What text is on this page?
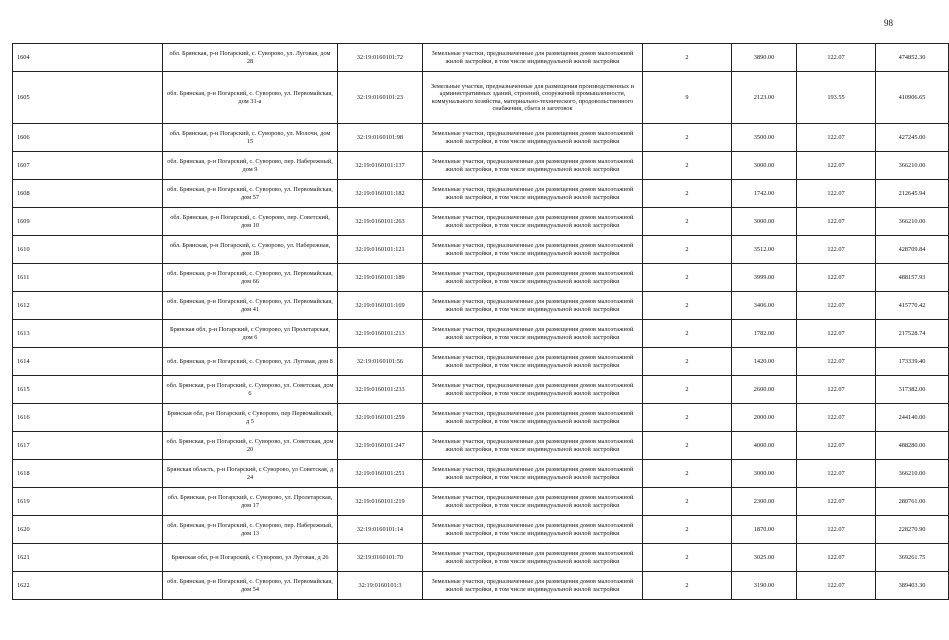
98
1604	обл. Брянская, р-н Погарский, с. Суворово, ул. Луговая, дом 28	32:19:0160101:72	Земельные участки, предназначенные для размещения домов малоэтажной жилой застройки, в том числе индивидуальной жилой застройки	2	3890.00	122.07	474852.30
1605	обл. Брянская, р-н Погарский, с. Суворово, ул. Первомайская, дом 31-а	32:19:0160101:23	Земельные участки, предназначенные для размещения производственных и административных зданий, строений, сооружений промышленности, коммунального хозяйства, материально-технического, продовольственного снабжения, сбыта и заготовок	9	2123.00	193.55	410906.65
1606	обл. Брянская, р-н Погарский, с. Суворово, ул. Молочи, дом 15	32:19:0160101:98	Земельные участки, предназначенные для размещения домов малоэтажной жилой застройки, в том числе индивидуальной жилой застройки	2	3500.00	122.07	427245.00
1607	обл. Брянская, р-н Погарский, с. Суворово, пер. Набережный, дом 9	32:19:0160101:137	Земельные участки, предназначенные для размещения домов малоэтажной жилой застройки, в том числе индивидуальной жилой застройки	2	3000.00	122.07	366210.00
1608	обл. Брянская, р-н Погарский, с. Суворово, ул. Первомайская, дом 57	32:19:0160101:182	Земельные участки, предназначенные для размещения домов малоэтажной жилой застройки, в том числе индивидуальной жилой застройки	2	1742.00	122.07	212645.94
1609	обл. Брянская, р-н Погарский, с. Суворово, пер. Советский, дом 10	32:19:0160101:263	Земельные участки, предназначенные для размещения домов малоэтажной жилой застройки, в том числе индивидуальной жилой застройки	2	3000.00	122.07	366210.00
1610	обл. Брянская, р-н Погарский, с. Суворово, ул. Набережная, дом 18	32:19:0160101:121	Земельные участки, предназначенные для размещения домов малоэтажной жилой застройки, в том числе индивидуальной жилой застройки	2	3512.00	122.07	428709.84
1611	обл. Брянская, р-н Погарский, с. Суворово, ул. Первомайская, дом 66	32:19:0160101:189	Земельные участки, предназначенные для размещения домов малоэтажной жилой застройки, в том числе индивидуальной жилой застройки	2	3999.00	122.07	488157.93
1612	обл. Брянская, р-н Погарский, с. Суворово, ул. Первомайская, дом 41	32:19:0160101:169	Земельные участки, предназначенные для размещения домов малоэтажной жилой застройки, в том числе индивидуальной жилой застройки	2	3406.00	122.07	415770.42
1613	Брянская обл, р-н Погарский, с Суворово, ул Пролетарская, дом 6	32:19:0160101:213	Земельные участки, предназначенные для размещения домов малоэтажной жилой застройки, в том числе индивидуальной жилой застройки	2	1782.00	122.07	217528.74
1614	обл. Брянская, р-н Погарский, с. Суворово, ул. Луговая, дом 8	32:19:0160101:56	Земельные участки, предназначенные для размещения домов малоэтажной жилой застройки, в том числе индивидуальной жилой застройки	2	1420.00	122.07	173339.40
1615	обл. Брянская, р-н Погарский, с. Суворово, ул. Советская, дом 6	32:19:0160101:233	Земельные участки, предназначенные для размещения домов малоэтажной жилой застройки, в том числе индивидуальной жилой застройки	2	2600.00	122.07	317382.00
1616	Брянская обл, р-н Погарский, с Суворово, пер Первомайский, д 5	32:19:0160101:259	Земельные участки, предназначенные для размещения домов малоэтажной жилой застройки, в том числе индивидуальной жилой застройки	2	2000.00	122.07	244140.00
1617	обл. Брянская, р-н Погарский, с. Суворово, ул. Советская, дом 20	32:19:0160101:247	Земельные участки, предназначенные для размещения домов малоэтажной жилой застройки, в том числе индивидуальной жилой застройки	2	4000.00	122.07	488280.00
1618	Брянская область, р-н Погарский, с Суворово, ул Советская, д 24	32:19:0160101:251	Земельные участки, предназначенные для размещения домов малоэтажной жилой застройки, в том числе индивидуальной жилой застройки	2	3000.00	122.07	366210.00
1619	обл. Брянская, р-н Погарский, с. Суворово, ул. Пролетарская, дом 17	32:19:0160101:219	Земельные участки, предназначенные для размещения домов малоэтажной жилой застройки, в том числе индивидуальной жилой застройки	2	2300.00	122.07	280761.00
1620	обл. Брянская, р-н Погарский, с. Суворово, пер. Набережный, дом 13	32:19:0160101:14	Земельные участки, предназначенные для размещения домов малоэтажной жилой застройки, в том числе индивидуальной жилой застройки	2	1870.00	122.07	228270.90
1621	Брянская обл, р-н Погарский, с Суворово, ул Луговая, д 26	32:19:0160101:70	Земельные участки, предназначенные для размещения домов малоэтажной жилой застройки, в том числе индивидуальной жилой застройки	2	3025.00	122.07	369261.75
1622	обл. Брянская, р-н Погарский, с. Суворово, ул. Первомайская, дом 54	32:19:0160101:3	Земельные участки, предназначенные для размещения домов малоэтажной жилой застройки, в том числе индивидуальной жилой застройки	2	3190.00	122.07	389403.30
